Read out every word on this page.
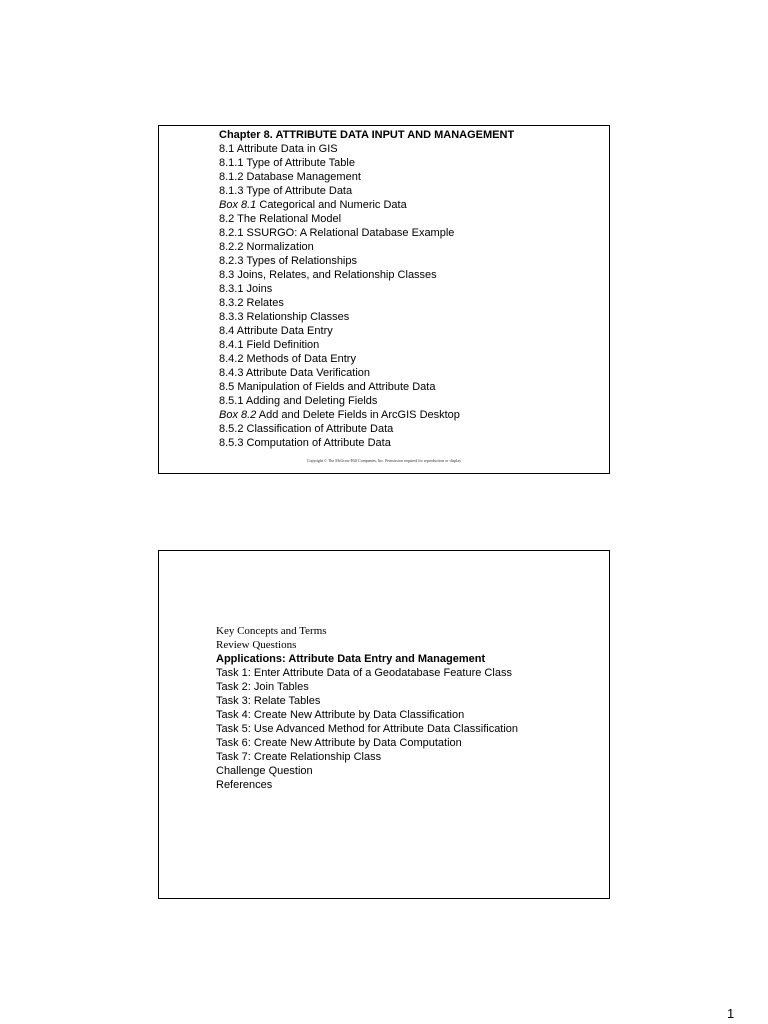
Chapter 8. ATTRIBUTE DATA INPUT AND MANAGEMENT
8.1 Attribute Data in GIS
8.1.1 Type of Attribute Table
8.1.2 Database Management
8.1.3 Type of Attribute Data
Box 8.1 Categorical and Numeric Data
8.2 The Relational Model
8.2.1 SSURGO: A Relational Database Example
8.2.2 Normalization
8.2.3 Types of Relationships
8.3 Joins, Relates, and Relationship Classes
8.3.1 Joins
8.3.2 Relates
8.3.3 Relationship Classes
8.4 Attribute Data Entry
8.4.1 Field Definition
8.4.2 Methods of Data Entry
8.4.3 Attribute Data Verification
8.5 Manipulation of Fields and Attribute Data
8.5.1 Adding and Deleting Fields
Box 8.2 Add and Delete Fields in ArcGIS Desktop
8.5.2 Classification of Attribute Data
8.5.3 Computation of Attribute Data
Copyright © The McGraw-Hill Companies, Inc. Permission required for reproduction or display
Key Concepts and Terms
Review Questions
Applications: Attribute Data Entry and Management
Task 1: Enter Attribute Data of a Geodatabase Feature Class
Task 2: Join Tables
Task 3: Relate Tables
Task 4: Create New Attribute by Data Classification
Task 5: Use Advanced Method for Attribute Data Classification
Task 6: Create New Attribute by Data Computation
Task 7: Create Relationship Class
Challenge Question
References
1
